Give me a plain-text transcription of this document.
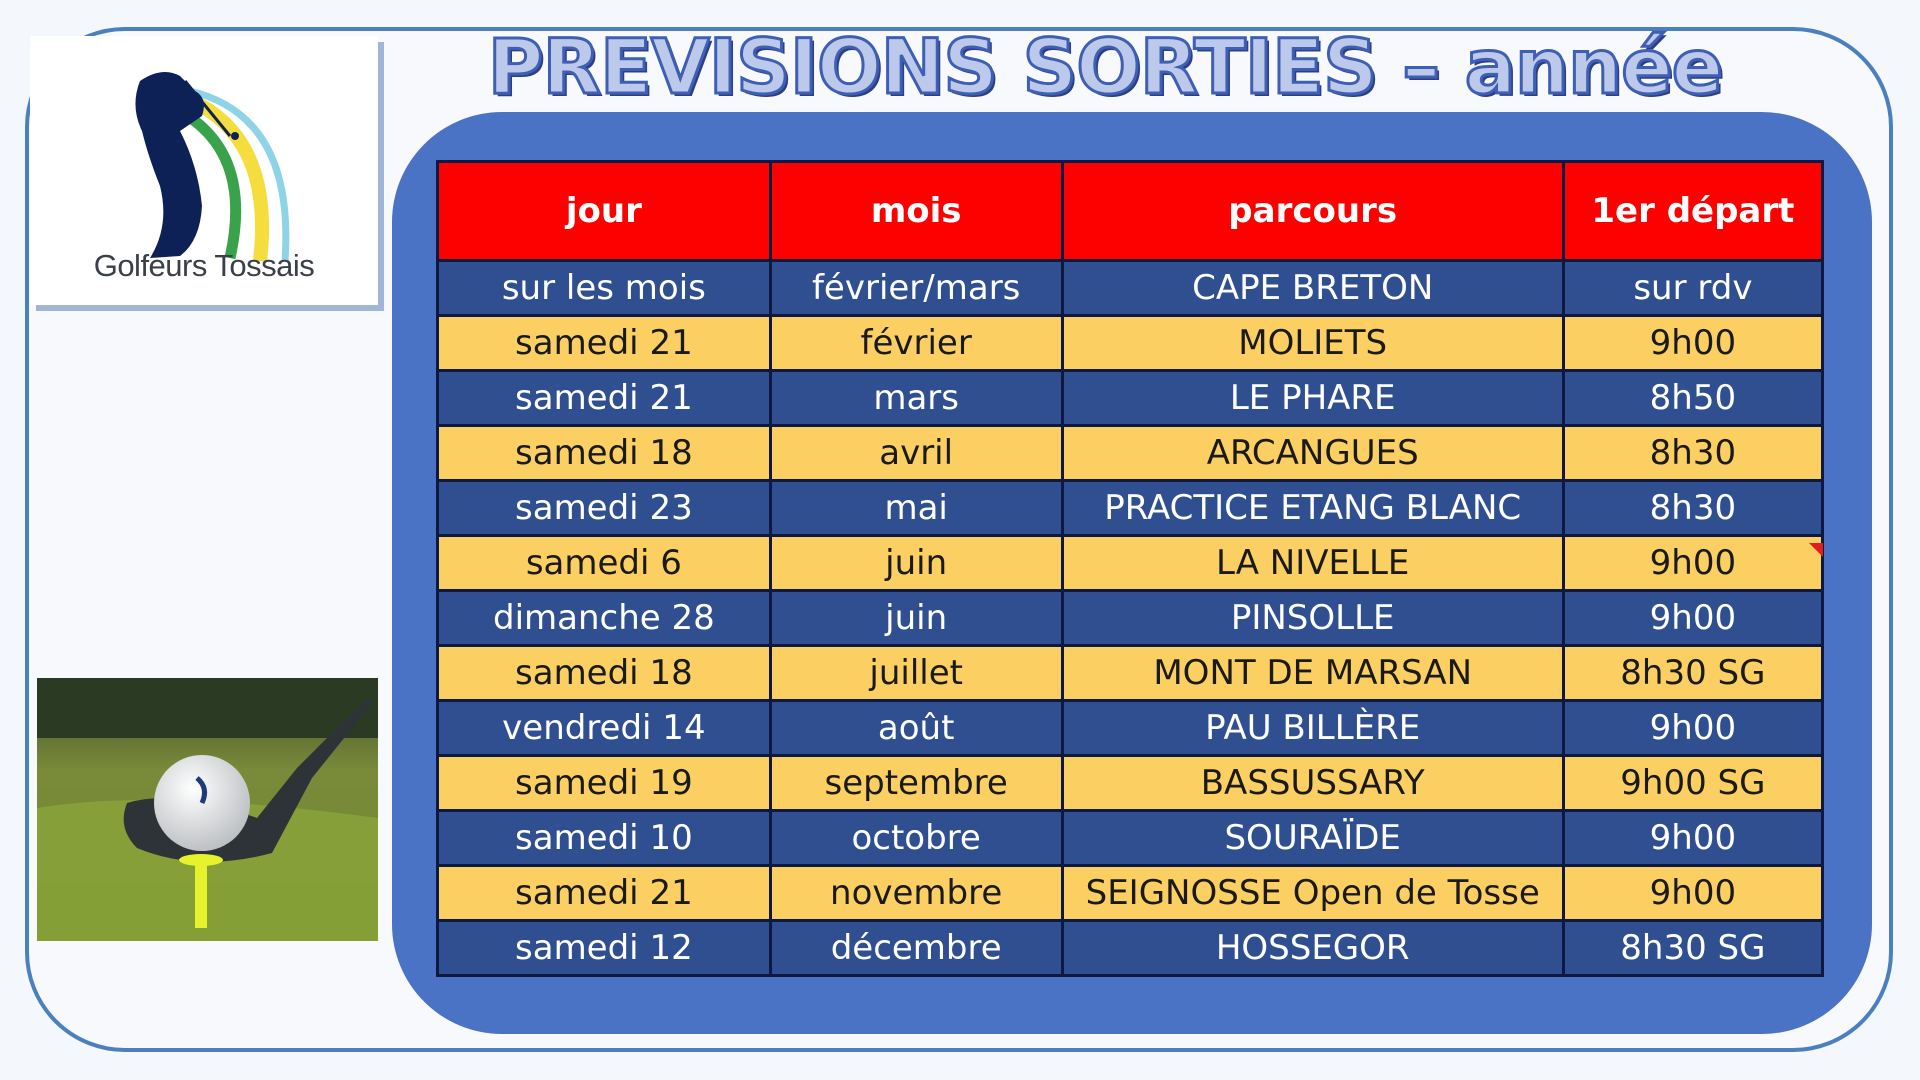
Golfeurs Tossais
PREVISIONS SORTIES – année
jour	mois	parcours	1er départ
sur les mois	février/mars	CAPE BRETON	sur rdv
samedi 21	février	MOLIETS	9h00
samedi 21	mars	LE PHARE	8h50
samedi 18	avril	ARCANGUES	8h30
samedi 23	mai	PRACTICE ETANG BLANC	8h30
samedi 6	juin	LA NIVELLE	9h00
dimanche 28	juin	PINSOLLE	9h00
samedi 18	juillet	MONT DE MARSAN	8h30 SG
vendredi 14	août	PAU BILLÈRE	9h00
samedi 19	septembre	BASSUSSARY	9h00 SG
samedi 10	octobre	SOURAÏDE	9h00
samedi 21	novembre	SEIGNOSSE Open de Tosse	9h00
samedi 12	décembre	HOSSEGOR	8h30 SG
